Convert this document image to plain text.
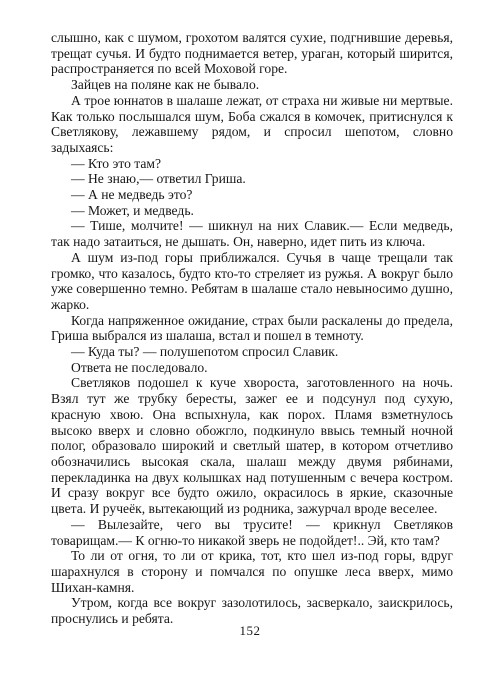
слышно, как с шумом, грохотом валятся сухие, подгнившие деревья, трещат сучья. И будто поднимается ветер, ураган, который ширится, распространяется по всей Моховой горе.

Зайцев на поляне как не бывало.

А трое юннатов в шалаше лежат, от страха ни живые ни мертвые. Как только послышался шум, Боба сжался в комочек, притиснулся к Светлякову, лежавшему рядом, и спросил шепотом, словно задыхаясь:

— Кто это там?

— Не знаю,— ответил Гриша.

— А не медведь это?

— Может, и медведь.

— Тише, молчите! — шикнул на них Славик.— Если медведь, так надо затаиться, не дышать. Он, наверно, идет пить из ключа.

А шум из-под горы приближался. Сучья в чаще трещали так громко, что казалось, будто кто-то стреляет из ружья. А вокруг было уже совершенно темно. Ребятам в шалаше стало невыносимо душно, жарко.

Когда напряженное ожидание, страх были раскалены до предела, Гриша выбрался из шалаша, встал и пошел в темноту.

— Куда ты? — полушепотом спросил Славик.

Ответа не последовало.

Светляков подошел к куче хвороста, заготовленного на ночь. Взял тут же трубку бересты, зажег ее и подсунул под сухую, красную хвою. Она вспыхнула, как порох. Пламя взметнулось высоко вверх и словно обожгло, подкинуло ввысь темный ночной полог, образовало широкий и светлый шатер, в котором отчетливо обозначились высокая скала, шалаш между двумя рябинами, перекладинка на двух колышках над потушенным с вечера костром. И сразу вокруг все будто ожило, окрасилось в яркие, сказочные цвета. И ручеёк, вытекающий из родника, зажурчал вроде веселее.

— Вылезайте, чего вы трусите! — крикнул Светляков товарищам.— К огню-то никакой зверь не подойдет!.. Эй, кто там?

То ли от огня, то ли от крика, тот, кто шел из-под горы, вдруг шарахнулся в сторону и помчался по опушке леса вверх, мимо Шихан-камня.

Утром, когда все вокруг зазолотилось, засверкало, заискрилось, проснулись и ребята.

152
